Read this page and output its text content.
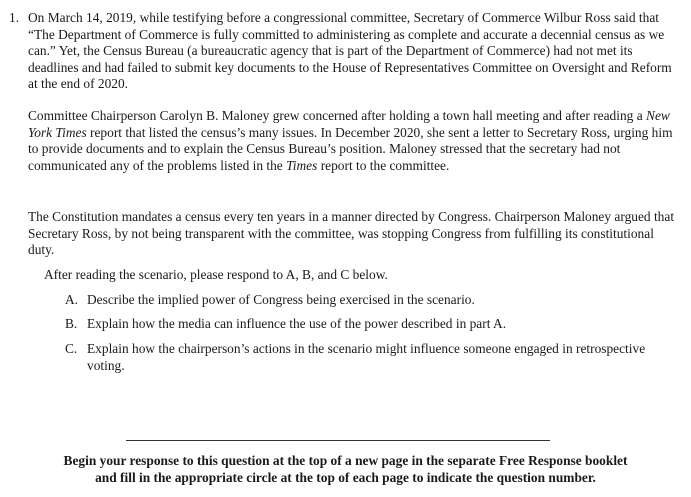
1. On March 14, 2019, while testifying before a congressional committee, Secretary of Commerce Wilbur Ross said that “The Department of Commerce is fully committed to administering as complete and accurate a decennial census as we can.” Yet, the Census Bureau (a bureaucratic agency that is part of the Department of Commerce) had not met its deadlines and had failed to submit key documents to the House of Representatives Committee on Oversight and Reform at the end of 2020.

Committee Chairperson Carolyn B. Maloney grew concerned after holding a town hall meeting and after reading a New York Times report that listed the census’s many issues. In December 2020, she sent a letter to Secretary Ross, urging him to provide documents and to explain the Census Bureau’s position. Maloney stressed that the secretary had not communicated any of the problems listed in the Times report to the committee.

The Constitution mandates a census every ten years in a manner directed by Congress. Chairperson Maloney argued that Secretary Ross, by not being transparent with the committee, was stopping Congress from fulfilling its constitutional duty.

After reading the scenario, please respond to A, B, and C below.

A. Describe the implied power of Congress being exercised in the scenario.
B. Explain how the media can influence the use of the power described in part A.
C. Explain how the chairperson’s actions in the scenario might influence someone engaged in retrospective voting.

Begin your response to this question at the top of a new page in the separate Free Response booklet
and fill in the appropriate circle at the top of each page to indicate the question number.
